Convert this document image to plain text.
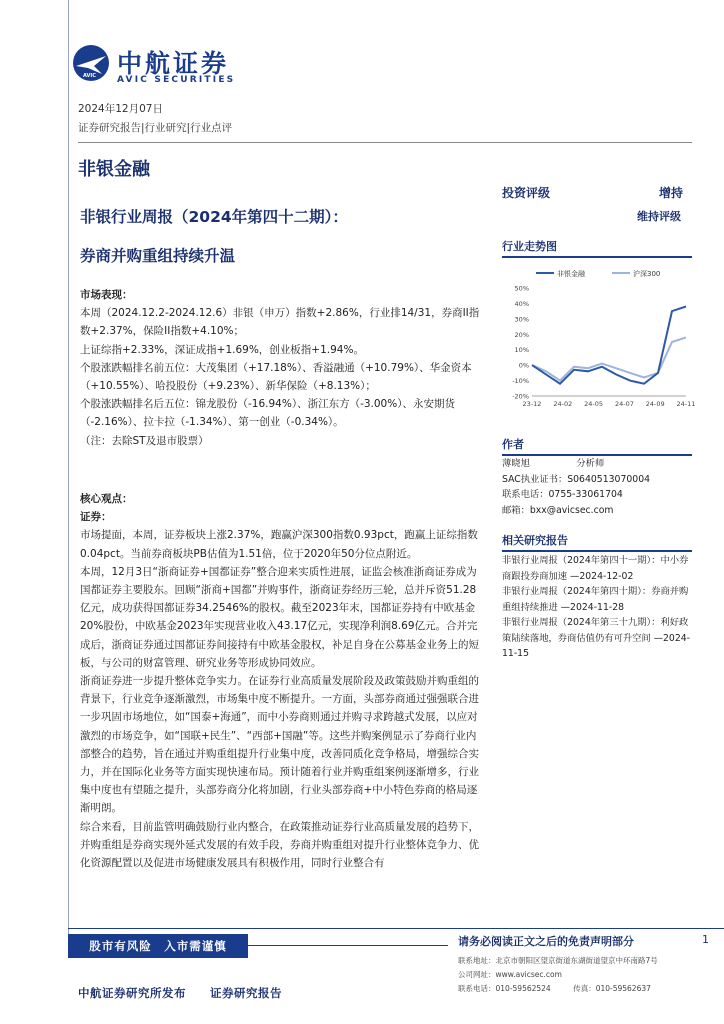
AVIC 中航证券
AVIC SECURITIES
2024年12月07日
证券研究报告|行业研究|行业点评
非银金融
非银行业周报（2024年第四十二期）：
券商并购重组持续升温
投资评级	增持
维持评级
行业走势图
非银金融	沪深300
50%
40%
30%
20%
10%
0%
-10%
-20%
23-12 24-02 24-05 24-07 24-09 24-11
作者

薄晓旭　　　　　分析师

SAC执业证书：S0640513070004

联系电话：0755-33061704

邮箱：bxx@avicsec.com

相关研究报告

非银行业周报（2024年第四十一期）：中小券商跟投券商加速 —2024-12-02

非银行业周报（2024年第四十期）：券商并购重组持续推进 —2024-11-28

非银行业周报（2024年第三十九期）：利好政策陆续落地，券商估值仍有可升空间 —2024-11-15

市场表现：

本周（2024.12.2-2024.12.6）非银（申万）指数+2.86%，行业排14/31，券商II指数+2.37%，保险II指数+4.10%；

上证综指+2.33%，深证成指+1.69%，创业板指+1.94%。

个股涨跌幅排名前五位：大茂集团（+17.18%）、香溢融通（+10.79%）、华金资本（+10.55%）、哈投股份（+9.23%）、新华保险（+8.13%）；

个股涨跌幅排名后五位：锦龙股份（-16.94%）、浙江东方（-3.00%）、永安期货（-2.16%）、拉卡拉（-1.34%）、第一创业（-0.34%）。

（注：去除ST及退市股票）

核心观点：

证券：

市场提面，本周，证券板块上涨2.37%，跑赢沪深300指数0.93pct，跑赢上证综指数0.04pct。当前券商板块PB估值为1.51倍，位于2020年50分位点附近。

本周，12月3日“浙商证券+国都证券”整合迎来实质性进展，证监会核准浙商证券成为国都证券主要股东。回顾“浙商+国都”并购事件，浙商证券经历三轮，总并斥资51.28亿元，成功获得国都证券34.2546%的股权。截至2023年末，国都证券持有中欧基金20%股份，中欧基金2023年实现营业收入43.17亿元，实现净利润8.69亿元。合并完成后，浙商证券通过国都证券间接持有中欧基金股权，补足自身在公募基金业务上的短板，与公司的财富管理、研究业务等形成协同效应。

浙商证券进一步提升整体竞争实力。在证券行业高质量发展阶段及政策鼓励并购重组的背景下，行业竞争逐渐激烈，市场集中度不断提升。一方面，头部券商通过强强联合进一步巩固市场地位，如“国泰+海通”，而中小券商则通过并购寻求跨越式发展，以应对激烈的市场竞争，如“国联+民生”、“西部+国融”等。这些并购案例显示了券商行业内部整合的趋势，旨在通过并购重组提升行业集中度，改善同质化竞争格局，增强综合实力，并在国际化业务等方面实现快速布局。预计随着行业并购重组案例逐渐增多，行业集中度也有望随之提升，头部券商分化将加剧，行业头部券商+中小特色券商的格局逐渐明朗。

综合来看，目前监管明确鼓励行业内整合，在政策推动证券行业高质量发展的趋势下，并购重组是券商实现外延式发展的有效手段，券商并购重组对提升行业整体竞争力、优化资源配置以及促进市场健康发展具有积极作用，同时行业整合有

股市有风险　入市需谨慎	请务必阅读正文之后的免责声明部分	1

联系地址：北京市朝阳区望京街道东湖街道望京中环南路7号

公司网址：www.avicsec.com

联系电话：010-59562524　　　传真：010-59562637

中航证券研究所发布　　证券研究报告
